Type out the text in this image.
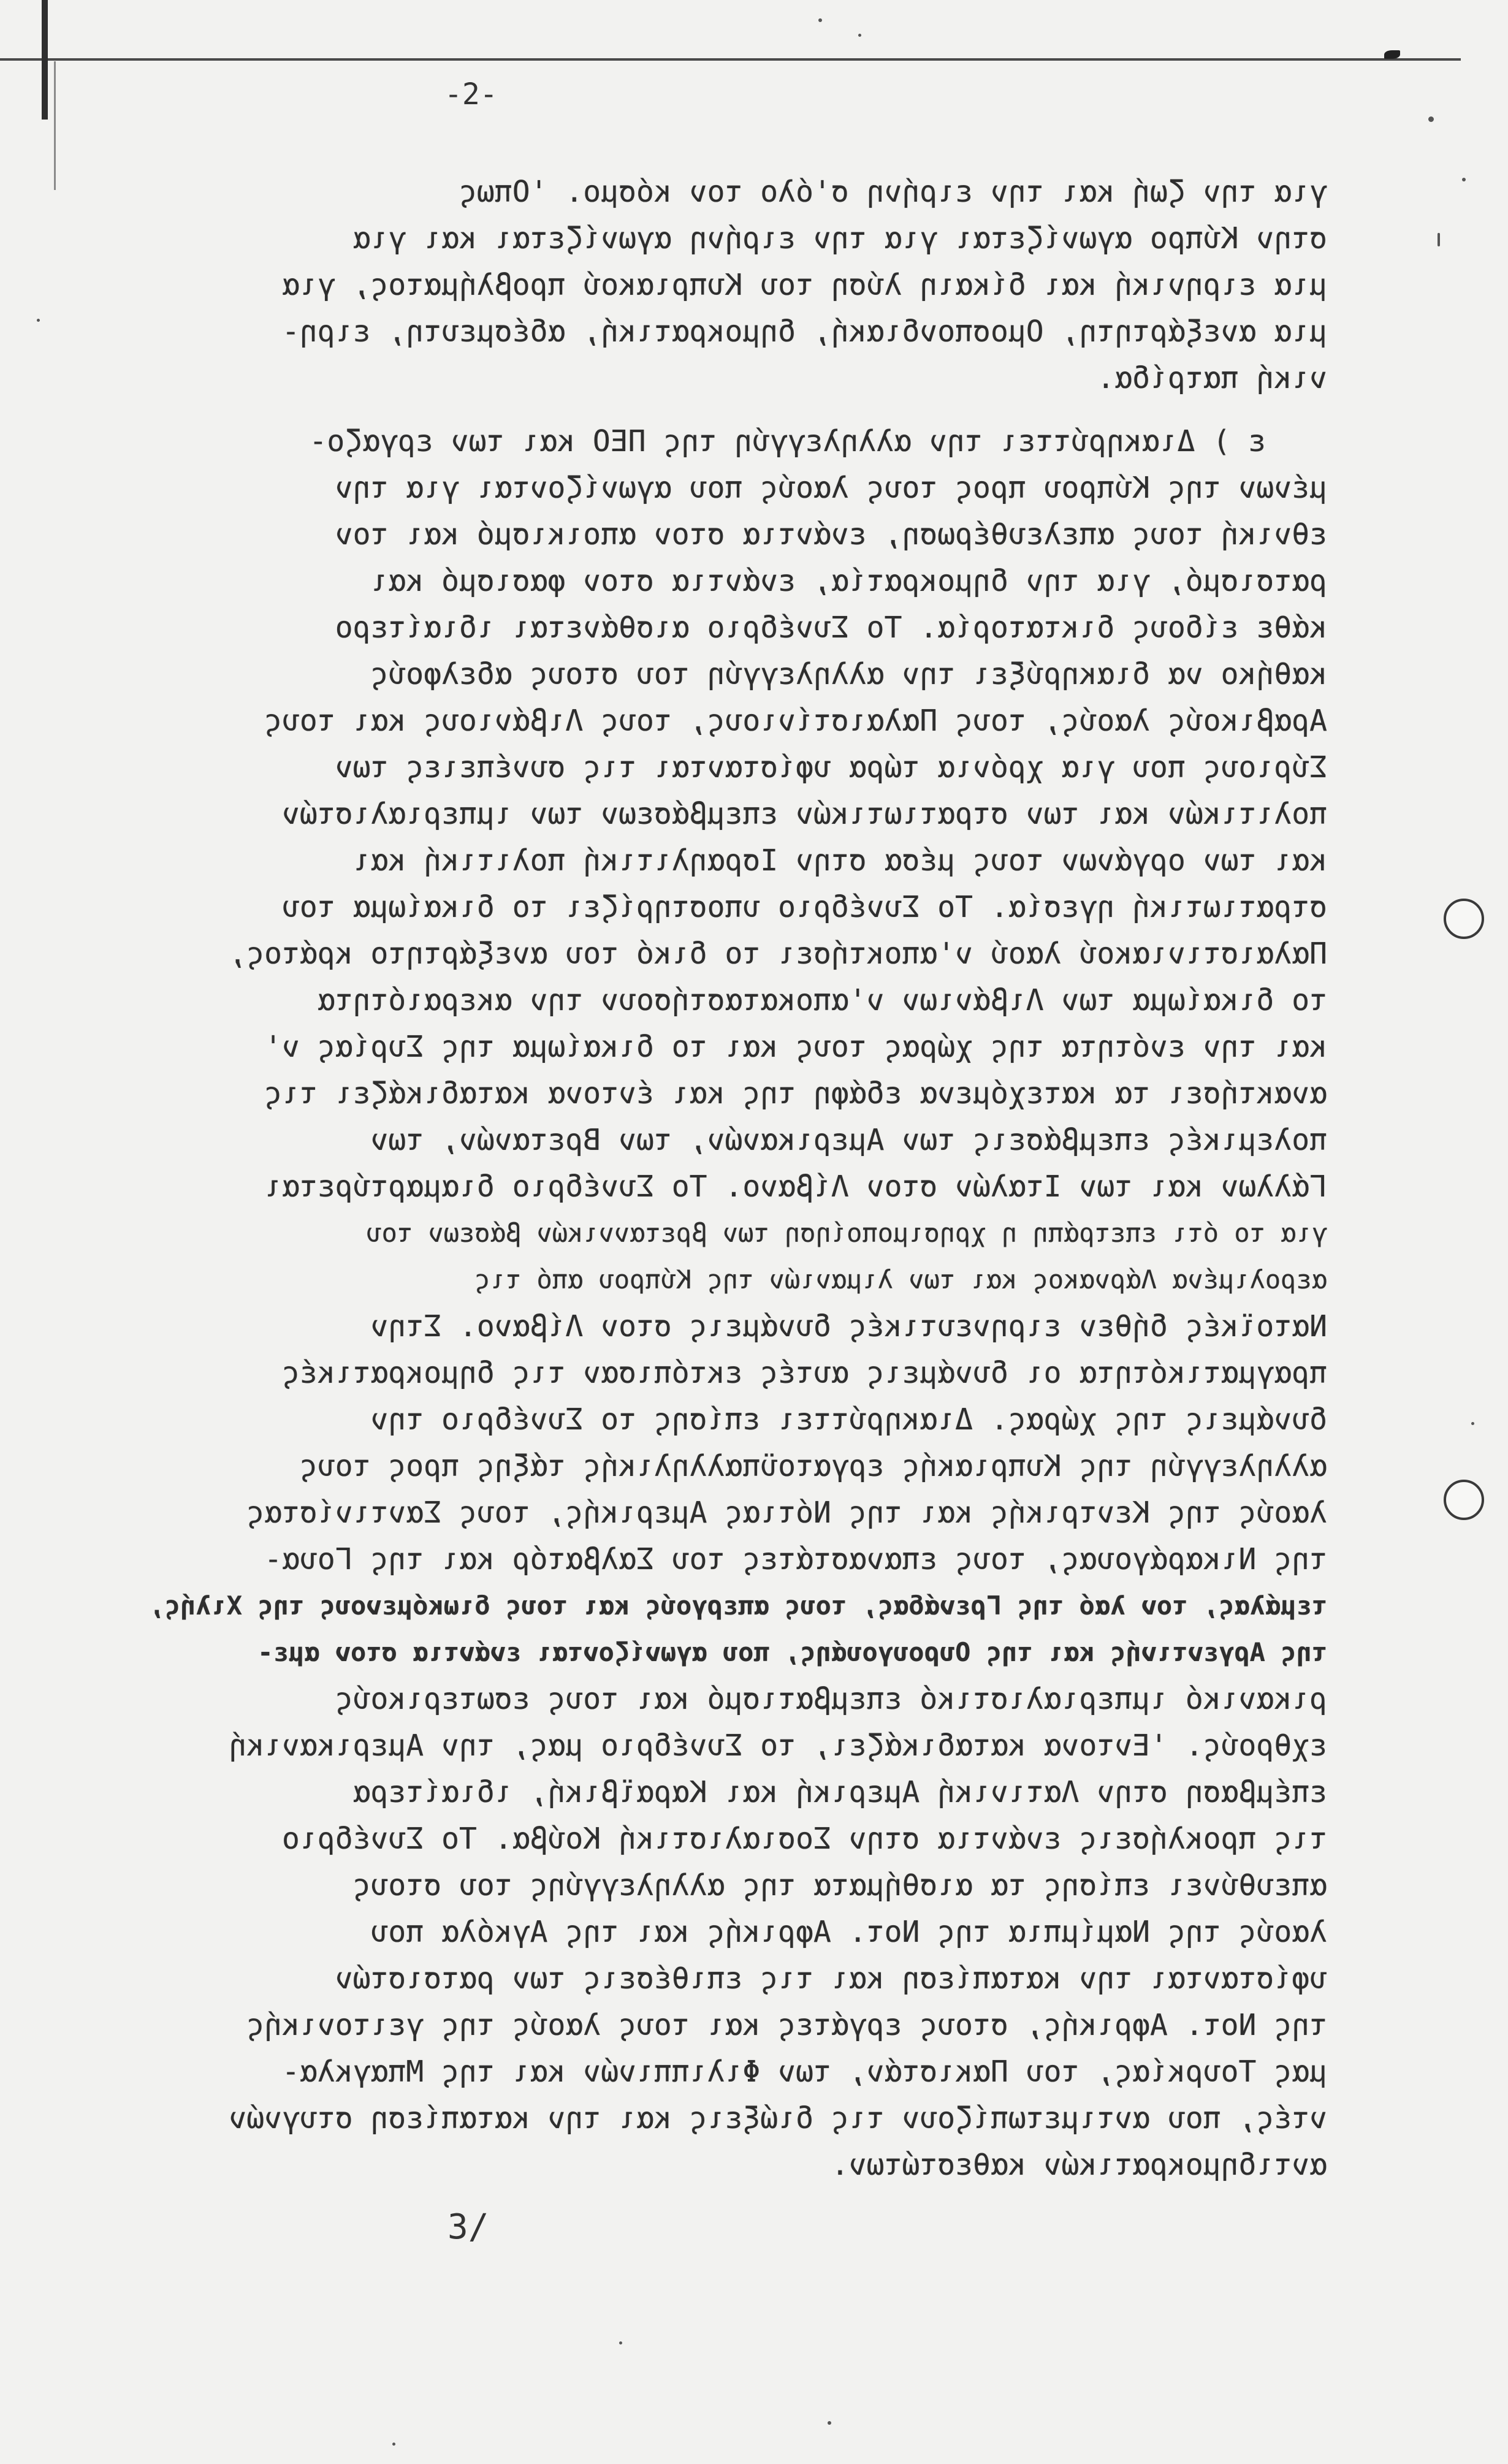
-2-
3/
για την ζωή και την ειρήνη σ'όλο τον κόσμο. 'Οπως
στην Κύπρο αγωνίζεται για την ειρήνη αγωνίζεται και για
μια ειρηνική και δίκαιη λύση του Κυπριακού προβλήματος, για
μια ανεξάρτητη, Ομοσπονδιακή, δημοκρατική, αδέσμευτη, ειρη-
νική πατρίδα.
ε ) Διακηρύττει την αλληλεγγύη της ΠΕΟ και των εργαζο-
μένων της Κύπρου προς τους λαούς που αγωνίζονται για την
εθνική τους απελευθέρωση, ενάντια στον αποικισμό και τον
ρατσισμό, για την δημοκρατία, ενάντια στον φασισμό και
κάθε είδους δικτατορία. Το Συνέδριο αισθάνεται ιδιαίτερο
καθήκο να διακηρύξει την αλληλεγγύη του στους αδελφούς
Αραβικούς λαούς, τους Παλαιστίνιους, τους Λιβάνιους και τους
Σύριους που για χρόνια τώρα υφίστανται τις συνέπειες των
πολιτικών και των στρατιωτικών επεμβάσεων των ιμπεριαλιστών
και των οργάνων τους μέσα στην Ισραηλιτική πολιτική και
στρατιωτική ηγεσία. Το Συνέδριο υποστηρίζει το δικαίωμα του
Παλαιστινιακού λαού ν'αποκτήσει το δικό του ανεξάρτητο κράτος,
το δικαίωμα των Λιβάνιων ν'αποκαταστήσουν την ακεραιότητα
και την ενότητα της χώρας τους και το δικαίωμα της Συρίας ν'
ανακτήσει τα κατεχόμενα εδάφη της και έντονα καταδικάζει τις
πολεμικές επεμβάσεις των Αμερικανών, των Βρετανών, των
Γάλλων και των Ιταλών στον Λίβανο. Το Συνέδριο διαμαρτύρεται
για το ότι επετράπη η χρησιμοποίηση των βρεταννικών βάσεων του
αερολιμένα Λάρνακος και των λιμανιών της Κύπρου από τις
Νατοϊκές δήθεν ειρηνευτικές δυνάμεις στον Λίβανο. Στην
πραγματικότητα οι δυνάμεις αυτές εκτόπισαν τις δημοκρατικές
δυνάμεις της χώρας. Διακηρύττει επίσης το Συνέδριο την
αλληλεγγύη της Κυπριακής εργατοϋπαλληλικής τάξης προς τους
λαούς της Κεντρικής και της Νότιας Αμερικής, τους Σαντινίστας
της Νικαράγουας, τους επαναστάτες του Σαλβατόρ και της Γουα-
τεμάλας, τον λαό της Γρενάδας, τους απεργούς και τους διωκόμενους της Χιλής,
της Αργεντινής και της Ουρουγουάης, που αγωνίζονται ενάντια στον αμε-
ρικανικό ιμπεριαλιστικό επεμβατισμό και τους εσωτερικούς
εχθρούς. 'Εντονα καταδικάζει, το Συνέδριο μας, την Αμερικανική
επέμβαση στην Λατινική Αμερική και Καραϊβική, ιδιαίτερα
τις προκλήσεις ενάντια στην Σοσιαλιστική Κούβα. Το Συνέδριο
απευθύνει επίσης τα αισθήματα της αλληλεγγύης του στους
λαούς της Ναμίμπια της Νοτ. Αφρικής και της Αγκόλα που
υφίστανται την καταπίεση και τις επιθέσεις των ρατσιστών
της Νοτ. Αφρικής, στους εργάτες και τους λαούς της γειτονικής
μας Τουρκίας, του Πακιστάν, των Φιλιππινών και της Μπαγκλα-
ντές, που αντιμετωπίζουν τις διώξεις και την καταπίεση στυγνών
αντιδημοκρατικών καθεστώτων.
